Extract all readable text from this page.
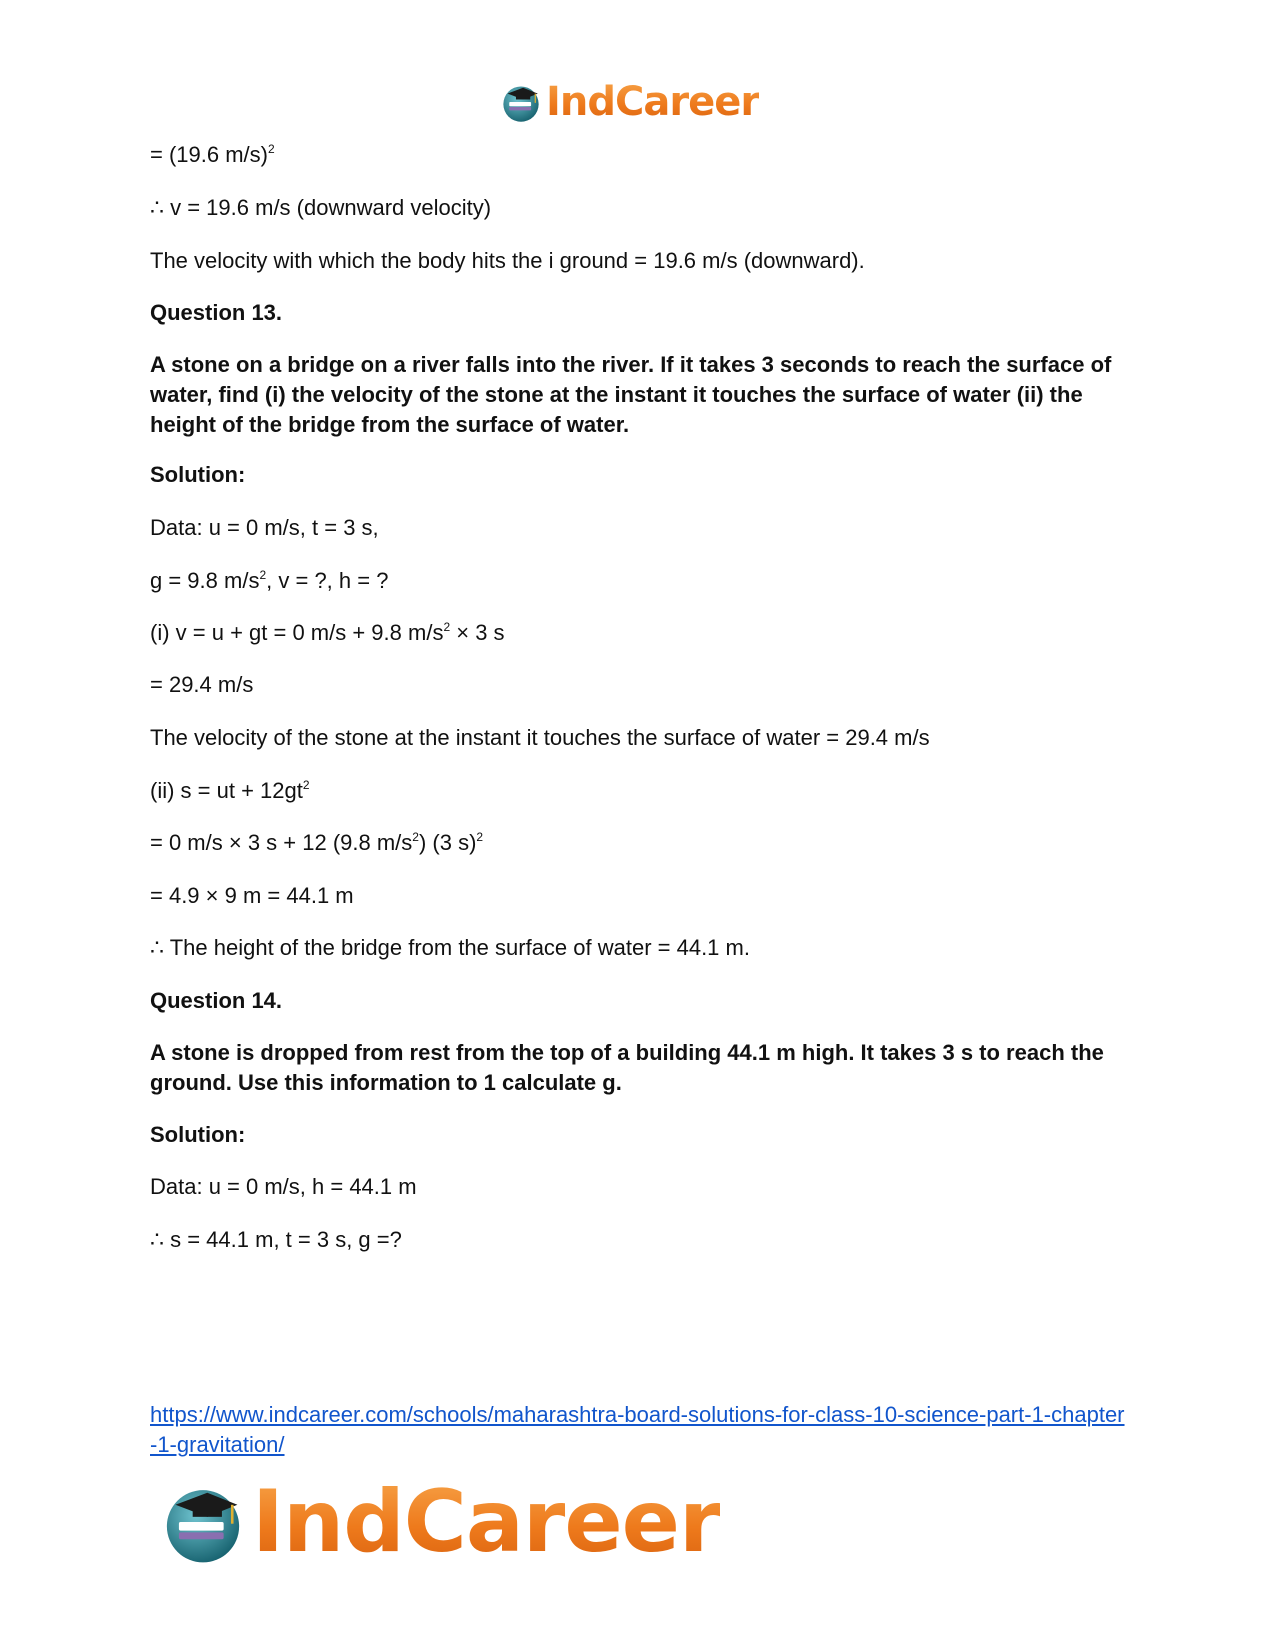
IndCareer
= (19.6 m/s)$^2$
∴ v = 19.6 m/s (downward velocity)
The velocity with which the body hits the i ground = 19.6 m/s (downward).
Question 13.
A stone on a bridge on a river falls into the river. If it takes 3 seconds to reach the surface of water, find (i) the velocity of the stone at the instant it touches the surface of water (ii) the height of the bridge from the surface of water.
Solution:
Data: u = 0 m/s, t = 3 s,
g = 9.8 $m/s^2$, v = ?, h = ?
(i) v = u + gt = 0 m/s + 9.8 $m/s^2 \times 3$ s
= 29.4 m/s
The velocity of the stone at the instant it touches the surface of water = 29.4 m/s
(ii) s = ut + $12gt^2$
= 0 m/s × 3 s + 12 (9.8 $m/s^2$) (3 s)$^2$
= 4.9 × 9 m = 44.1 m
∴ The height of the bridge from the surface of water = 44.1 m.
Question 14.
A stone is dropped from rest from the top of a building 44.1 m high. It takes 3 s to reach the ground. Use this information to 1 calculate g.
Solution:
Data: u = 0 m/s, h = 44.1 m
∴ s = 44.1 m, t = 3 s, g =?
https://www.indcareer.com/schools/maharashtra-board-solutions-for-class-10-science-part-1-chapter-1-gravitation/
IndCareer
